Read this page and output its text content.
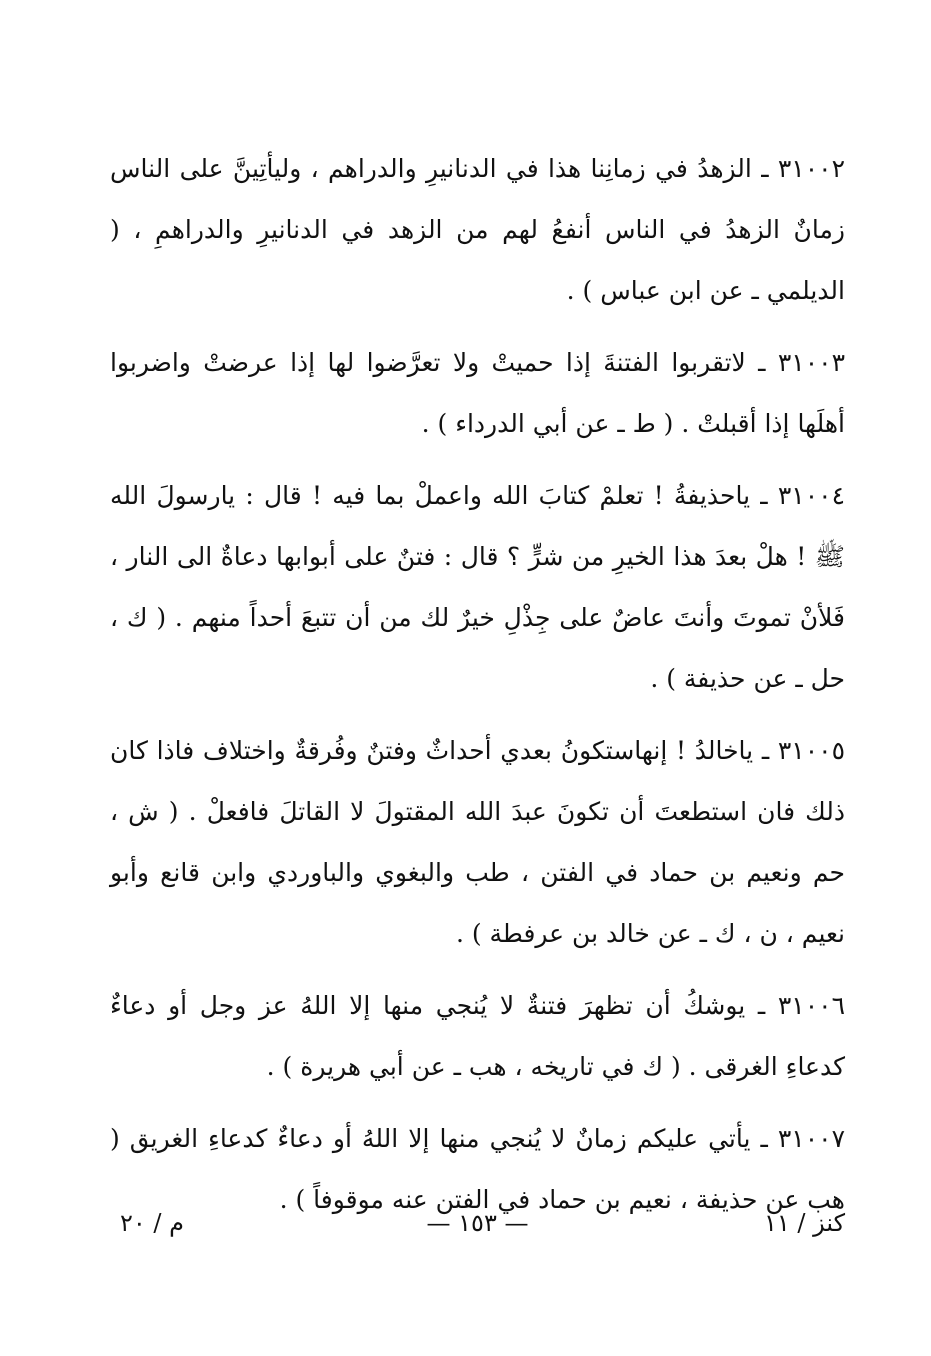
٣١٠٠٢ ـ الزهدُ في زمانِنا هذا في الدنانيرِ والدراهم ، وليأتِينَّ على الناس زمانٌ الزهدُ في الناس أنفعُ لهم من الزهد في الدنانيرِ والدراهمِ ، ( الديلمي ـ عن ابن عباس ) .

٣١٠٠٣ ـ لاتقربوا الفتنةَ إذا حميتْ ولا تعرَّضوا لها إذا عرضتْ واضربوا أهلَها إذا أقبلتْ . ( ط ـ عن أبي الدرداء ) .

٣١٠٠٤ ـ ياحذيفةُ ! تعلمْ كتابَ الله واعملْ بما فيه ! قال : يارسولَ الله ﷺ ! هلْ بعدَ هذا الخيرِ من شرٍّ ؟ قال : فتنٌ على أبوابها دعاةٌ الى النار ، فَلأنْ تموتَ وأنتَ عاضٌ على جِذْلِ خيرٌ لك من أن تتبعَ أحداً منهم . ( ك ، حل ـ عن حذيفة ) .

٣١٠٠٥ ـ ياخالدُ ! إنهاستكونُ بعدي أحداثٌ وفتنٌ وفُرقةٌ واختلاف فاذا كان ذلك فان استطعتَ أن تكونَ عبدَ الله المقتولَ لا القاتلَ فافعلْ . ( ش ، حم ونعيم بن حماد في الفتن ، طب والبغوي والباوردي وابن قانع وأبو نعيم ، ن ، ك ـ عن خالد بن عرفطة ) .

٣١٠٠٦ ـ يوشكُ أن تظهرَ فتنةٌ لا يُنجي منها إلا اللهُ عز وجل أو دعاءٌ كدعاءِ الغرقى . ( ك في تاريخه ، هب ـ عن أبي هريرة ) .

٣١٠٠٧ ـ يأتي عليكم زمانٌ لا يُنجي منها إلا اللهُ أو دعاءٌ كدعاءِ الغريق ( هب عن حذيفة ، نعيم بن حماد في الفتن عنه موقوفاً ) .

كنز / ١١
— ١٥٣ —
م / ٢٠
